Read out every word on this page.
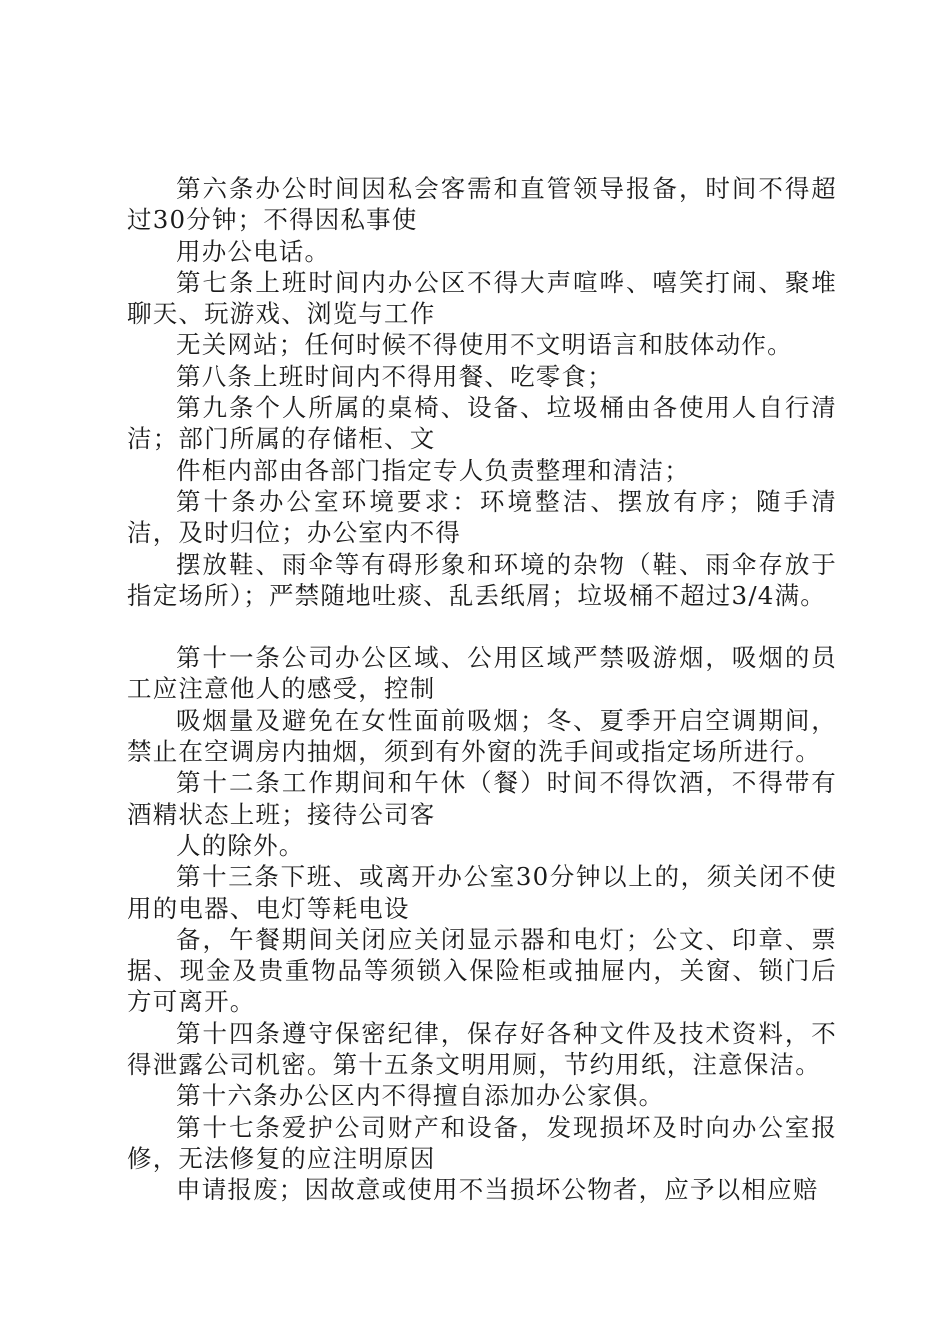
第六条办公时间因私会客需和直管领导报备，时间不得超过30分钟；不得因私事使

用办公电话。

第七条上班时间内办公区不得大声喧哗、嘻笑打闹、聚堆聊天、玩游戏、浏览与工作

无关网站；任何时候不得使用不文明语言和肢体动作。

第八条上班时间内不得用餐、吃零食；

第九条个人所属的桌椅、设备、垃圾桶由各使用人自行清洁；部门所属的存储柜、文

件柜内部由各部门指定专人负责整理和清洁；

第十条办公室环境要求：环境整洁、摆放有序；随手清洁，及时归位；办公室内不得

摆放鞋、雨伞等有碍形象和环境的杂物（鞋、雨伞存放于指定场所）；严禁随地吐痰、乱丢纸屑；垃圾桶不超过3/4满。

第十一条公司办公区域、公用区域严禁吸游烟，吸烟的员工应注意他人的感受，控制

吸烟量及避免在女性面前吸烟；冬、夏季开启空调期间，禁止在空调房内抽烟，须到有外窗的洗手间或指定场所进行。

第十二条工作期间和午休（餐）时间不得饮酒，不得带有酒精状态上班；接待公司客

人的除外。

第十三条下班、或离开办公室30分钟以上的，须关闭不使用的电器、电灯等耗电设

备，午餐期间关闭应关闭显示器和电灯；公文、印章、票据、现金及贵重物品等须锁入保险柜或抽屉内，关窗、锁门后方可离开。

第十四条遵守保密纪律，保存好各种文件及技术资料，不得泄露公司机密。第十五条文明用厕，节约用纸，注意保洁。

第十六条办公区内不得擅自添加办公家俱。

第十七条爱护公司财产和设备，发现损坏及时向办公室报修，无法修复的应注明原因

申请报废；因故意或使用不当损坏公物者，应予以相应赔
